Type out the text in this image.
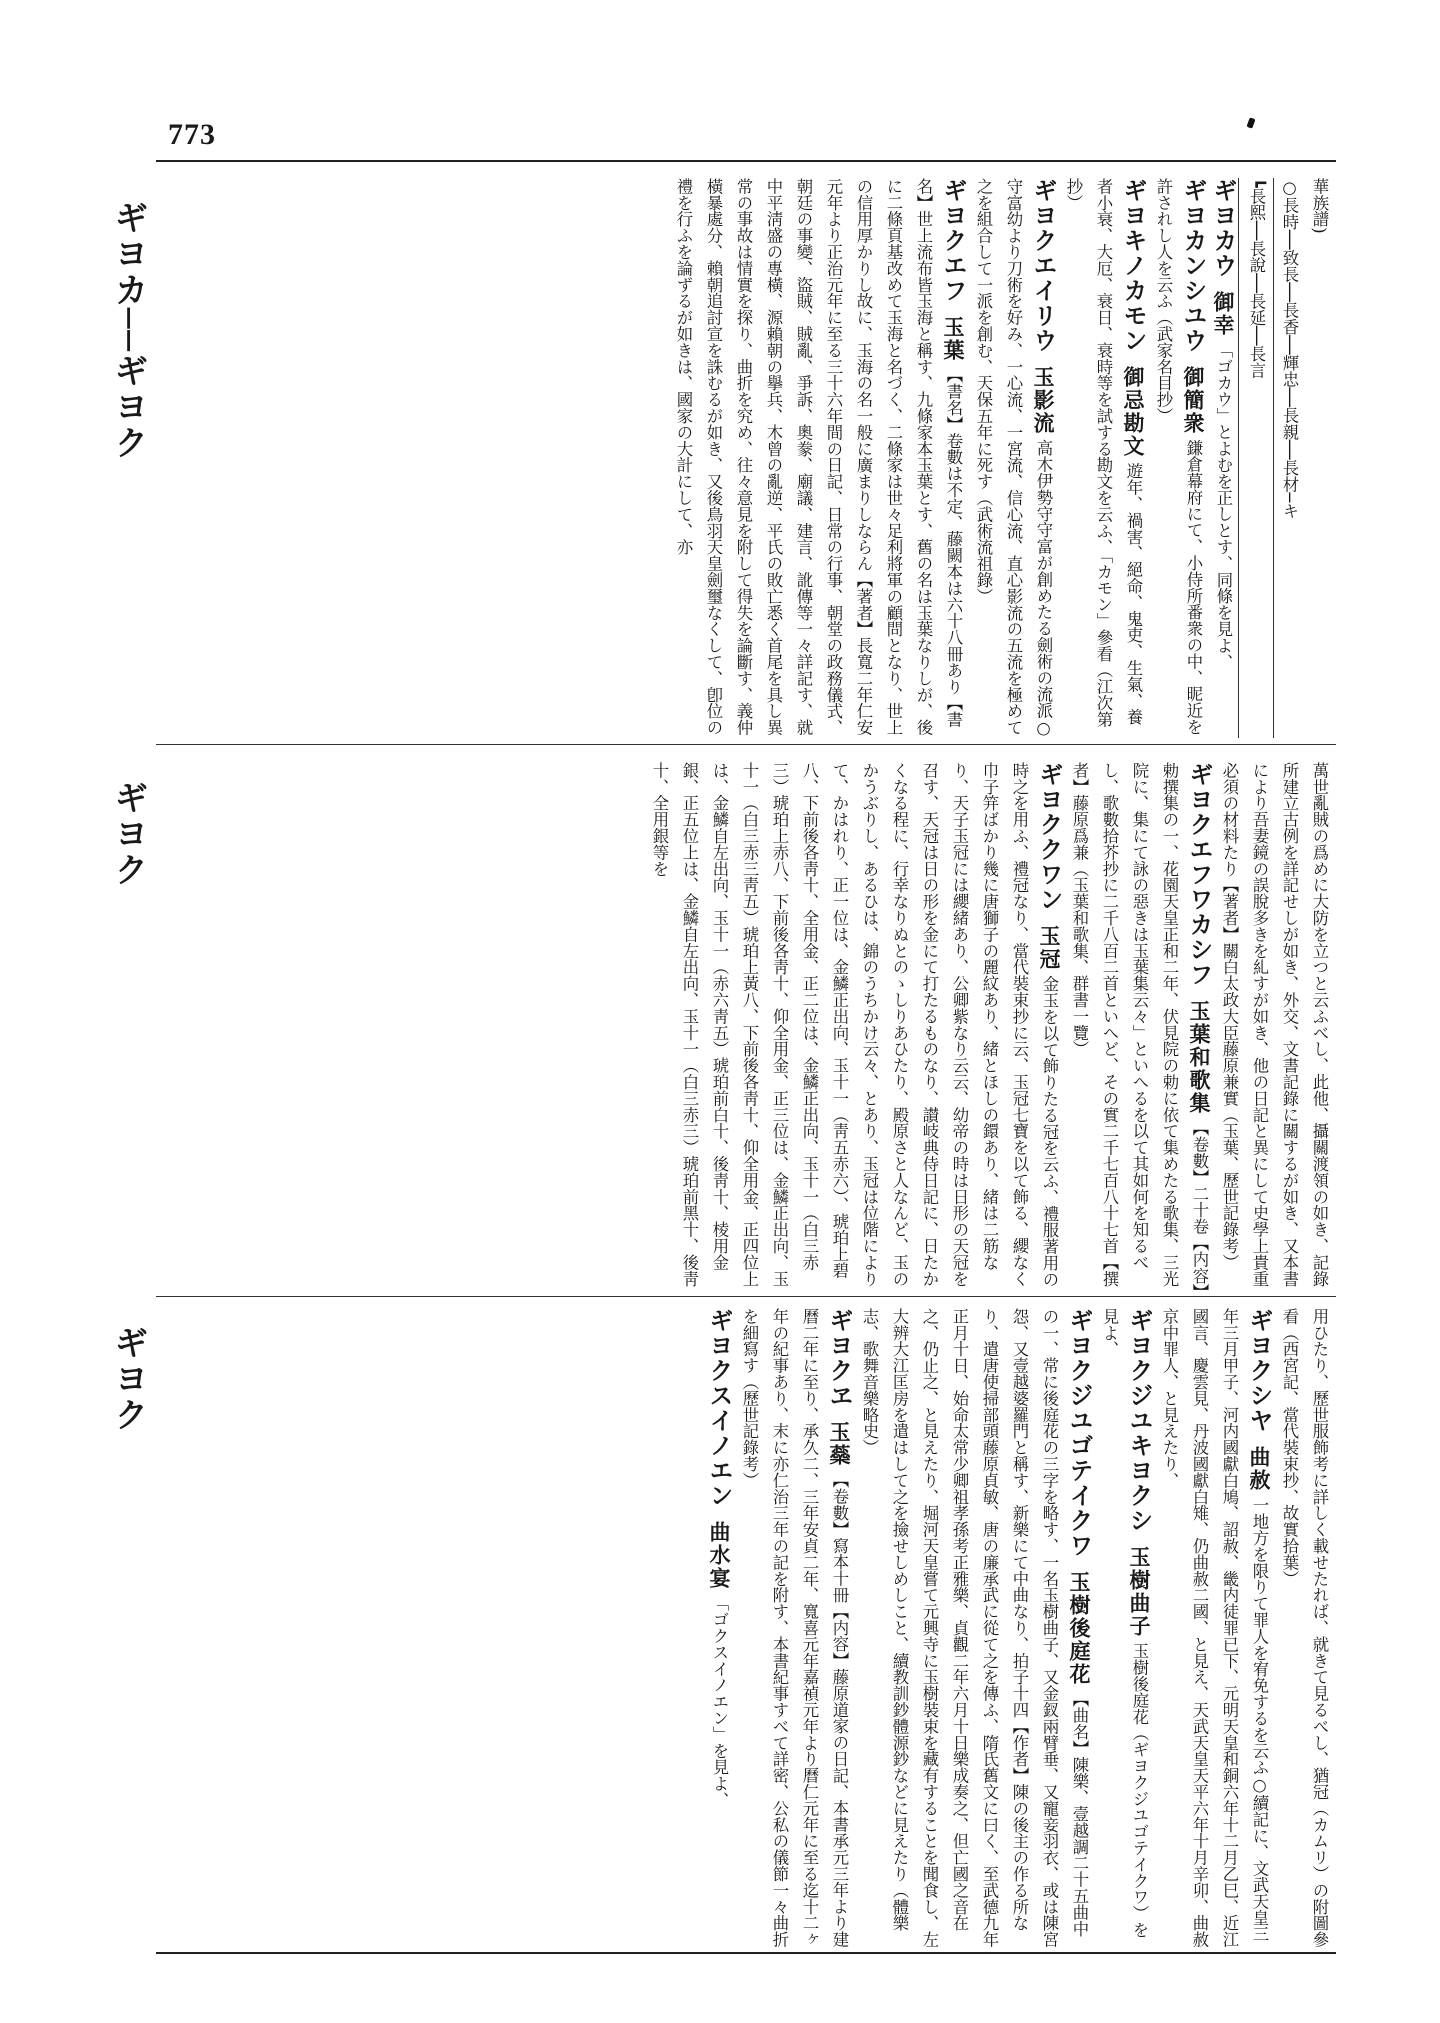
773
ギヨカ──ギヨク
ギヨク
ギヨク
華族譜)
○長時──致長──長香──輝忠──長親──長材─キ
┗長熙──長說──長延──長言
ギヨカウ御幸 「ゴカウ」とよむを正しとす、同條を見よ、
ギヨカンシユウ御簡衆 鎌倉幕府にて、小侍所番衆の中、昵近を許されし人を云ふ（武家名目抄）
ギヨキノカモン御忌勘文 遊年、禍害、絕命、鬼吏、生氣、養者小衰、大厄、衰日、衰時等を試する勘文を云ふ、「カモン」參看（江次第抄）
ギヨクエイリウ玉影流 高木伊勢守守富が創めたる劍術の流派○守富幼より刀術を好み、一心流、一宮流、信心流、直心影流の五流を極めて之を組合して一派を創む、天保五年に死す（武術流祖錄）
ギヨクエフ玉葉 【書名】卷數は不定、藤闕本は六十八冊あり【書名】世上流布皆玉海と稱す、九條家本玉葉とす、舊の名は玉葉なりしが、後に二條頁基改めて玉海と名づく、二條家は世々足利將軍の顧問となり、世上の信用厚かりし故に、玉海の名一般に廣まりしならん【著者】長寬二年仁安元年より正治元年に至る三十六年間の日記、日常の行事、朝堂の政務儀式、朝廷の事變、盜賊、賊亂、爭訴、奧豢、廟議、建言、訛傳等一々詳記す、就中平淸盛の專橫、源賴朝の擧兵、木曾の亂逆、平氏の敗亡悉く首尾を具し異常の事故は情實を探り、曲折を究め、往々意見を附して得失を論斷す、義仲橫暴處分、賴朝追討宣を誅むるが如き、又後鳥羽天皇劍璽なくして、卽位の禮を行ふを論ずるが如きは、國家の大計にして、亦
萬世亂賊の爲めに大防を立つと云ふべし、此他、攝關渡領の如き、記錄所建立古例を詳記せしが如き、外交、文書記錄に關するが如き、又本書により吾妻鏡の誤脫多きを糺すが如き、他の日記と異にして史學上貴重必須の材料たり【著者】關白太政大臣藤原兼實（玉葉、歷世記錄考）
ギヨクエフワカシフ玉葉和歌集 【卷數】二十卷【内容】勅撰集の一、花園天皇正和二年、伏見院の勅に依て集めたる歌集、三光院に、集にて詠の惡きは玉葉集云々」といへるを以て其如何を知るべし、歌數拾芥抄に二千八百二首といへど、その實二千七百八十七首【撰者】藤原爲兼（玉葉和歌集、群書一覽）
ギヨククワン玉冠 金玉を以て飾りたる冠を云ふ、禮服著用の時之を用ふ、禮冠なり、當代裝束抄に云、玉冠七寶を以て飾る、纓なく巾子笄ばかり幾に唐獅子の麗紋あり、緒とほしの鐶あり、緒は二筋なり、天子玉冠には纓緒あり、公卿紫なり云云、幼帝の時は日形の天冠を召す、天冠は日の形を金にて打たるものなり、讃岐典侍日記に、日たかくなる程に、行幸なりぬとのゝしりあひたり、殿原さと人なんど、玉のかうぶりし、あるひは、錦のうちかけ云々、とあり、玉冠は位階によりて、かはれり、正一位は、金鱗正出向、玉十一（靑五赤六）、琥珀上碧八、下前後各靑十、全用金、正二位は、金鱗正出向、玉十一（白三赤三）琥珀上赤八、下前後各靑十、仰全用金、正三位は、金鱗正出向、玉十一（白三赤三靑五）琥珀上黃八、下前後各靑十、仰全用金、正四位上は、金鱗自左出向、玉十一（赤六靑五）琥珀前白十、後靑十、棱用金銀、正五位上は、金鱗自左出向、玉十一（白三赤三）琥珀前黑十、後靑十、全用銀等を
用ひたり、歷世服飾考に詳しく載せたれば、就きて見るべし、猶冠（カムリ）の附圖參看（西宮記、當代裝束抄、故實拾葉）
ギヨクシヤ曲赦 一地方を限りて罪人を宥免するを云ふ○續記に、文武天皇三年三月甲子、河内國獻白鳩、詔赦、畿内徒罪已下、元明天皇和銅六年十二月乙巳、近江國言、慶雲見、丹波國獻白雉、仍曲赦二國、と見え、天武天皇天平六年十月辛卯、曲赦京中罪人、と見えたり、
ギヨクジユキヨクシ玉樹曲子 玉樹後庭花（ギヨクジユゴテイクワ）を見よ、
ギヨクジユゴテイクワ玉樹後庭花 【曲名】陳樂、壹越調二十五曲中の一、常に後庭花の三字を略す、一名玉樹曲子、又金釵兩臂垂、又寵妾羽衣、或は陳宮怨、又壹越婆羅門と稱す、新樂にて中曲なり、拍子十四【作者】陳の後主の作る所なり、遣唐使掃部頭藤原貞敏、唐の廉承武に從て之を傳ふ、隋氏舊文に曰く、至武德九年正月十日、始命太常少卿祖孝孫考正雅樂、貞觀二年六月十日樂成奏之、但亡國之音在之、仍止之、と見えたり、堀河天皇嘗て元興寺に玉樹裝束を藏有することを聞食し、左大辨大江匡房を遣はして之を撿せしめしこと、續教訓鈔體源鈔などに見えたり（體樂志、歌舞音樂略史）
ギヨクヱ玉蘂 【卷數】寫本十冊【内容】藤原道家の日記、本書承元三年より建曆二年に至り、承久二、三年安貞二年、寬喜元年嘉禎元年より曆仁元年に至る迄十二ヶ年の紀事あり、末に亦仁治三年の記を附す、本書紀事すべて詳密、公私の儀節一々曲折を細寫す（歷世記錄考）
ギヨクスイノエン曲水宴 「ゴクスイノエン」を見よ、
